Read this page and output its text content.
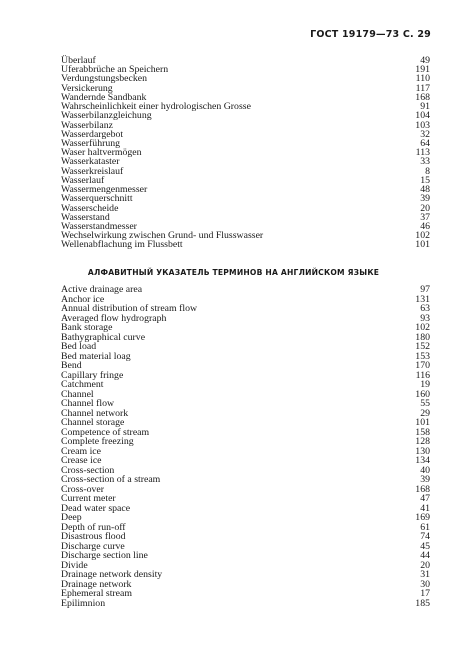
ГОСТ 19179—73 С. 29
Überlauf	49
Uferabbrüche an Speichern	191
Verdungstungsbecken	110
Versickerung	117
Wandernde Sandbank	168
Wahrscheinlichkeit einer hydrologischen Grosse	91
Wasserbilanzgleichung	104
Wasserbilanz	103
Wasserdargebot	32
Wasserführung	64
Waser haltvermögen	113
Wasserkataster	33
Wasserkreislauf	8
Wasserlauf	15
Wassermengenmesser	48
Wasserquerschnitt	39
Wasserscheide	20
Wasserstand	37
Wasserstandmesser	46
Wechselwirkung zwischen Grund- und Flusswasser	102
Wellenabflachung im Flussbett	101
АЛФАВИТНЫЙ УКАЗАТЕЛЬ ТЕРМИНОВ НА АНГЛИЙСКОМ ЯЗЫКЕ
Active drainage area	97
Anchor ice	131
Annual distribution of stream flow	63
Averaged flow hydrograph	93
Bank storage	102
Bathygraphical curve	180
Bed load	152
Bed material loag	153
Bend	170
Capillary fringe	116
Catchment	19
Channel	160
Channel flow	55
Channel network	29
Channel storage	101
Competence of stream	158
Complete freezing	128
Cream ice	130
Crease ice	134
Cross-section	40
Cross-section of a stream	39
Cross-over	168
Current meter	47
Dead water space	41
Deep	169
Depth of run-off	61
Disastrous flood	74
Discharge curve	45
Discharge section line	44
Divide	20
Drainage network density	31
Drainage network	30
Ephemeral stream	17
Epilimnion	185
